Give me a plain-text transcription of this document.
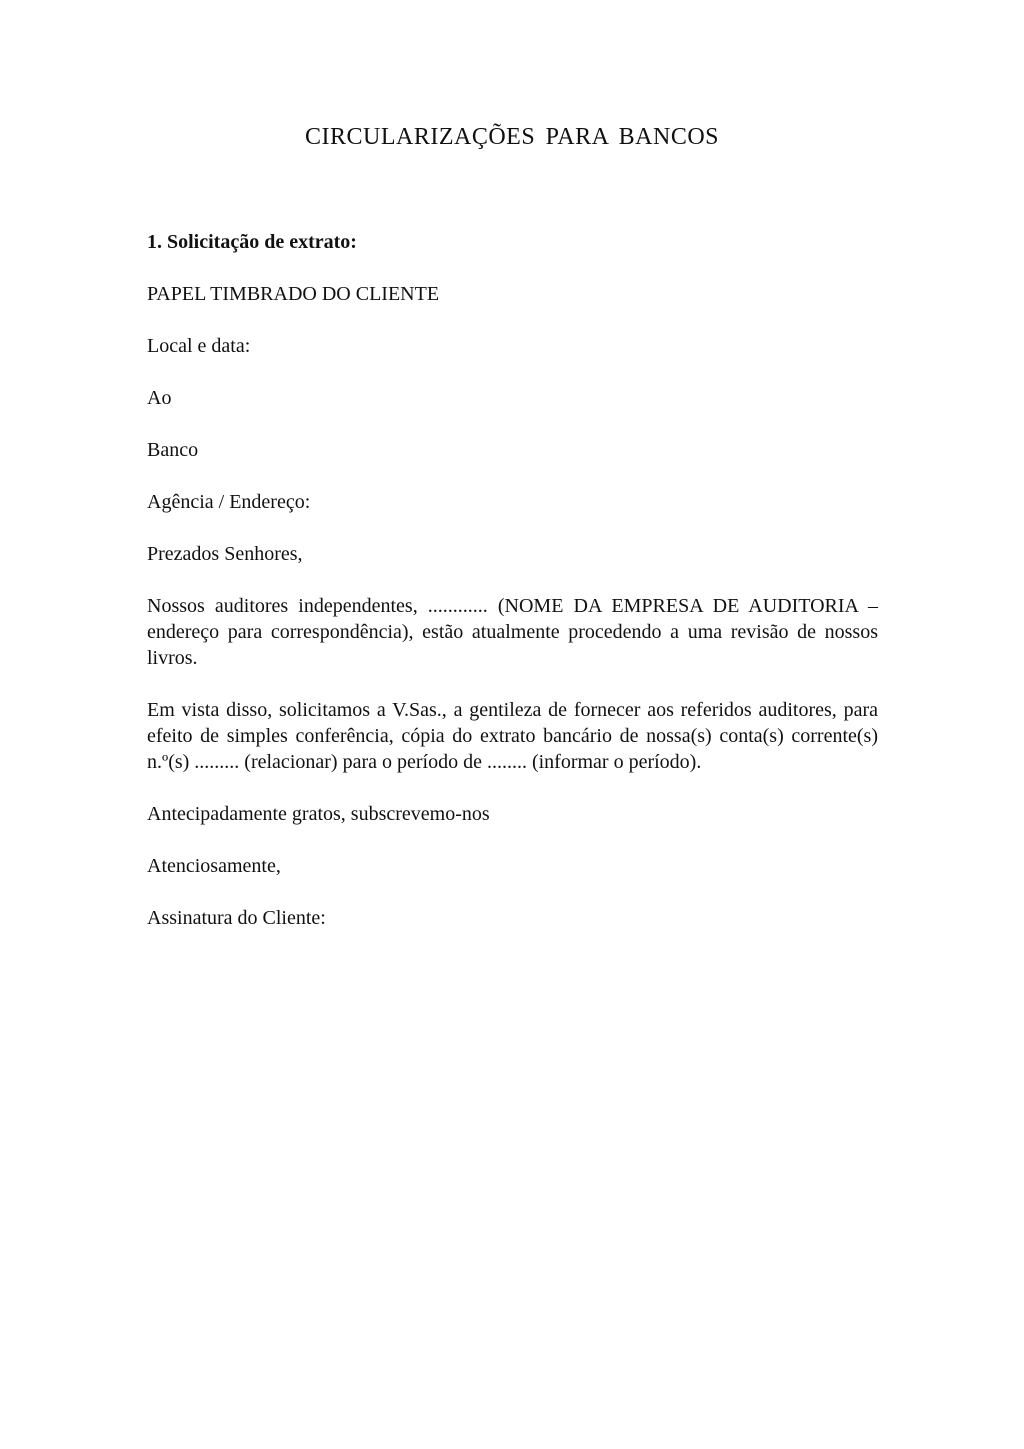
CIRCULARIZAÇÕES PARA BANCOS

1. Solicitação de extrato:

PAPEL TIMBRADO DO CLIENTE

Local e data:

Ao

Banco

Agência / Endereço:

Prezados Senhores,

Nossos auditores independentes, ............ (NOME DA EMPRESA DE AUDITORIA – endereço para correspondência), estão atualmente procedendo a uma revisão de nossos livros.

Em vista disso, solicitamos a V.Sas., a gentileza de fornecer aos referidos auditores, para efeito de simples conferência, cópia do extrato bancário de nossa(s) conta(s) corrente(s) n.º(s) ......... (relacionar) para o período de ........ (informar o período).

Antecipadamente gratos, subscrevemo-nos

Atenciosamente,

Assinatura do Cliente:
